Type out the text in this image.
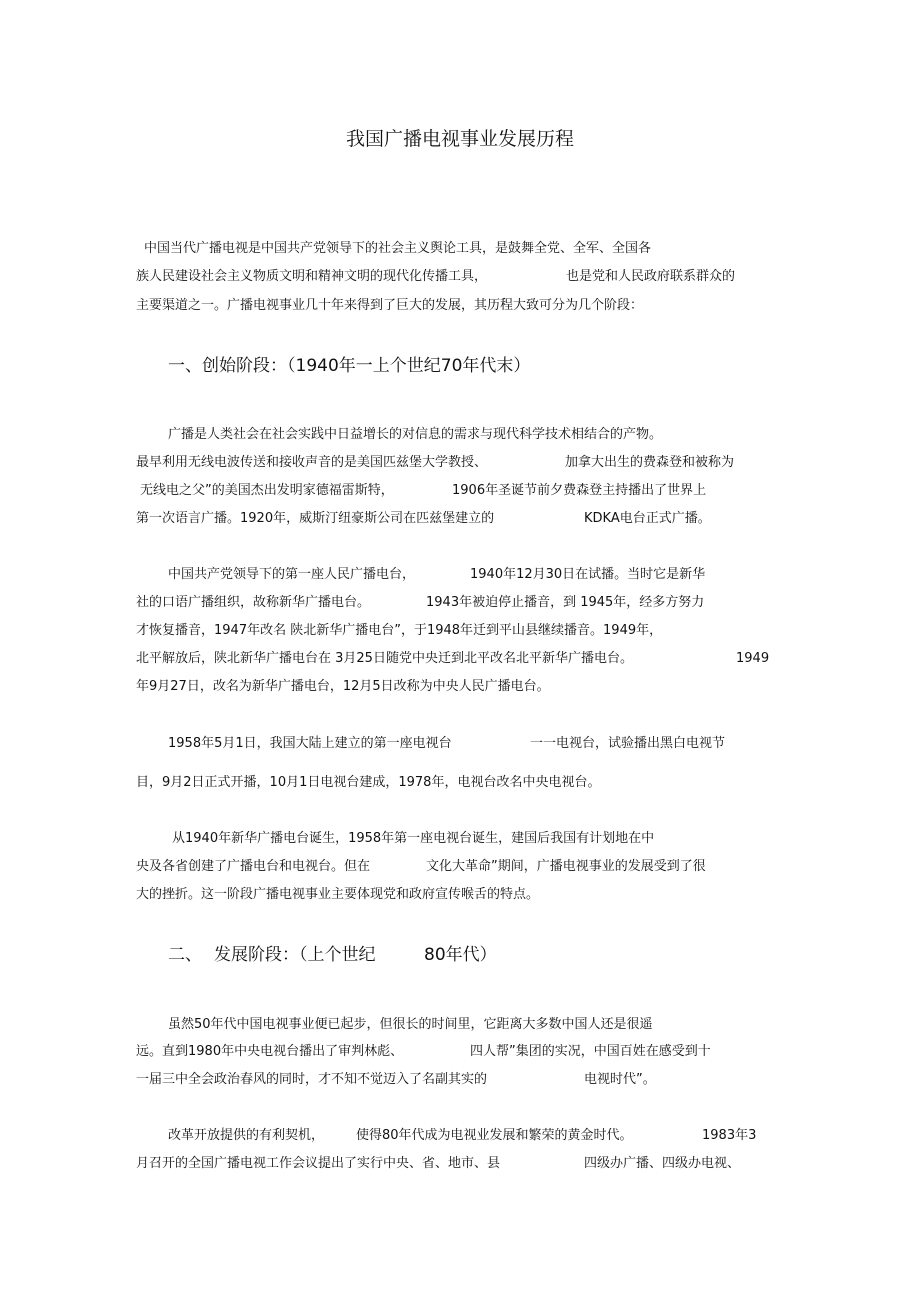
我国广播电视事业发展历程
中国当代广播电视是中国共产党领导下的社会主义舆论工具，是鼓舞全党、全军、全国各
族人民建设社会主义物质文明和精神文明的现代化传播工具，	也是党和人民政府联系群众的
主要渠道之一。广播电视事业几十年来得到了巨大的发展，其历程大致可分为几个阶段：
一、创始阶段：（1940年一上个世纪70年代末）
广播是人类社会在社会实践中日益增长的对信息的需求与现代科学技术相结合的产物。
最早利用无线电波传送和接收声音的是美国匹兹堡大学教授、	加拿大出生的费森登和被称为
无线电之父”的美国杰出发明家德福雷斯特，	1906年圣诞节前夕费森登主持播出了世界上
第一次语言广播。1920年，威斯汀纽豪斯公司在匹兹堡建立的	KDKA电台正式广播。
中国共产党领导下的第一座人民广播电台，	1940年12月30日在试播。当时它是新华
社的口语广播组织，故称新华广播电台。	1943年被迫停止播音，到 1945年，经多方努力
才恢复播音，1947年改名 陕北新华广播电台”，于1948年迁到平山县继续播音。1949年，
北平解放后，陕北新华广播电台在 3月25日随党中央迁到北平改名北平新华广播电台。	1949
年9月27日，改名为新华广播电台，12月5日改称为中央人民广播电台。
1958年5月1日，我国大陆上建立的第一座电视台	一一电视台，试验播出黑白电视节
目，9月2日正式开播，10月1日电视台建成，1978年，电视台改名中央电视台。
从1940年新华广播电台诞生，1958年第一座电视台诞生，建国后我国有计划地在中
央及各省创建了广播电台和电视台。但在	文化大革命”期间，广播电视事业的发展受到了很
大的挫折。这一阶段广播电视事业主要体现党和政府宣传喉舌的特点。
二、 发展阶段：（上个世纪	80年代）
虽然50年代中国电视事业便已起步，但很长的时间里，它距离大多数中国人还是很遥
远。直到1980年中央电视台播出了审判林彪、	四人帮”集团的实况，中国百姓在感受到十
一届三中全会政治春风的同时，才不知不觉迈入了名副其实的	电视时代”。
改革开放提供的有利契机， 使得80年代成为电视业发展和繁荣的黄金时代。	1983年3
月召开的全国广播电视工作会议提出了实行中央、省、地市、县	四级办广播、四级办电视、
